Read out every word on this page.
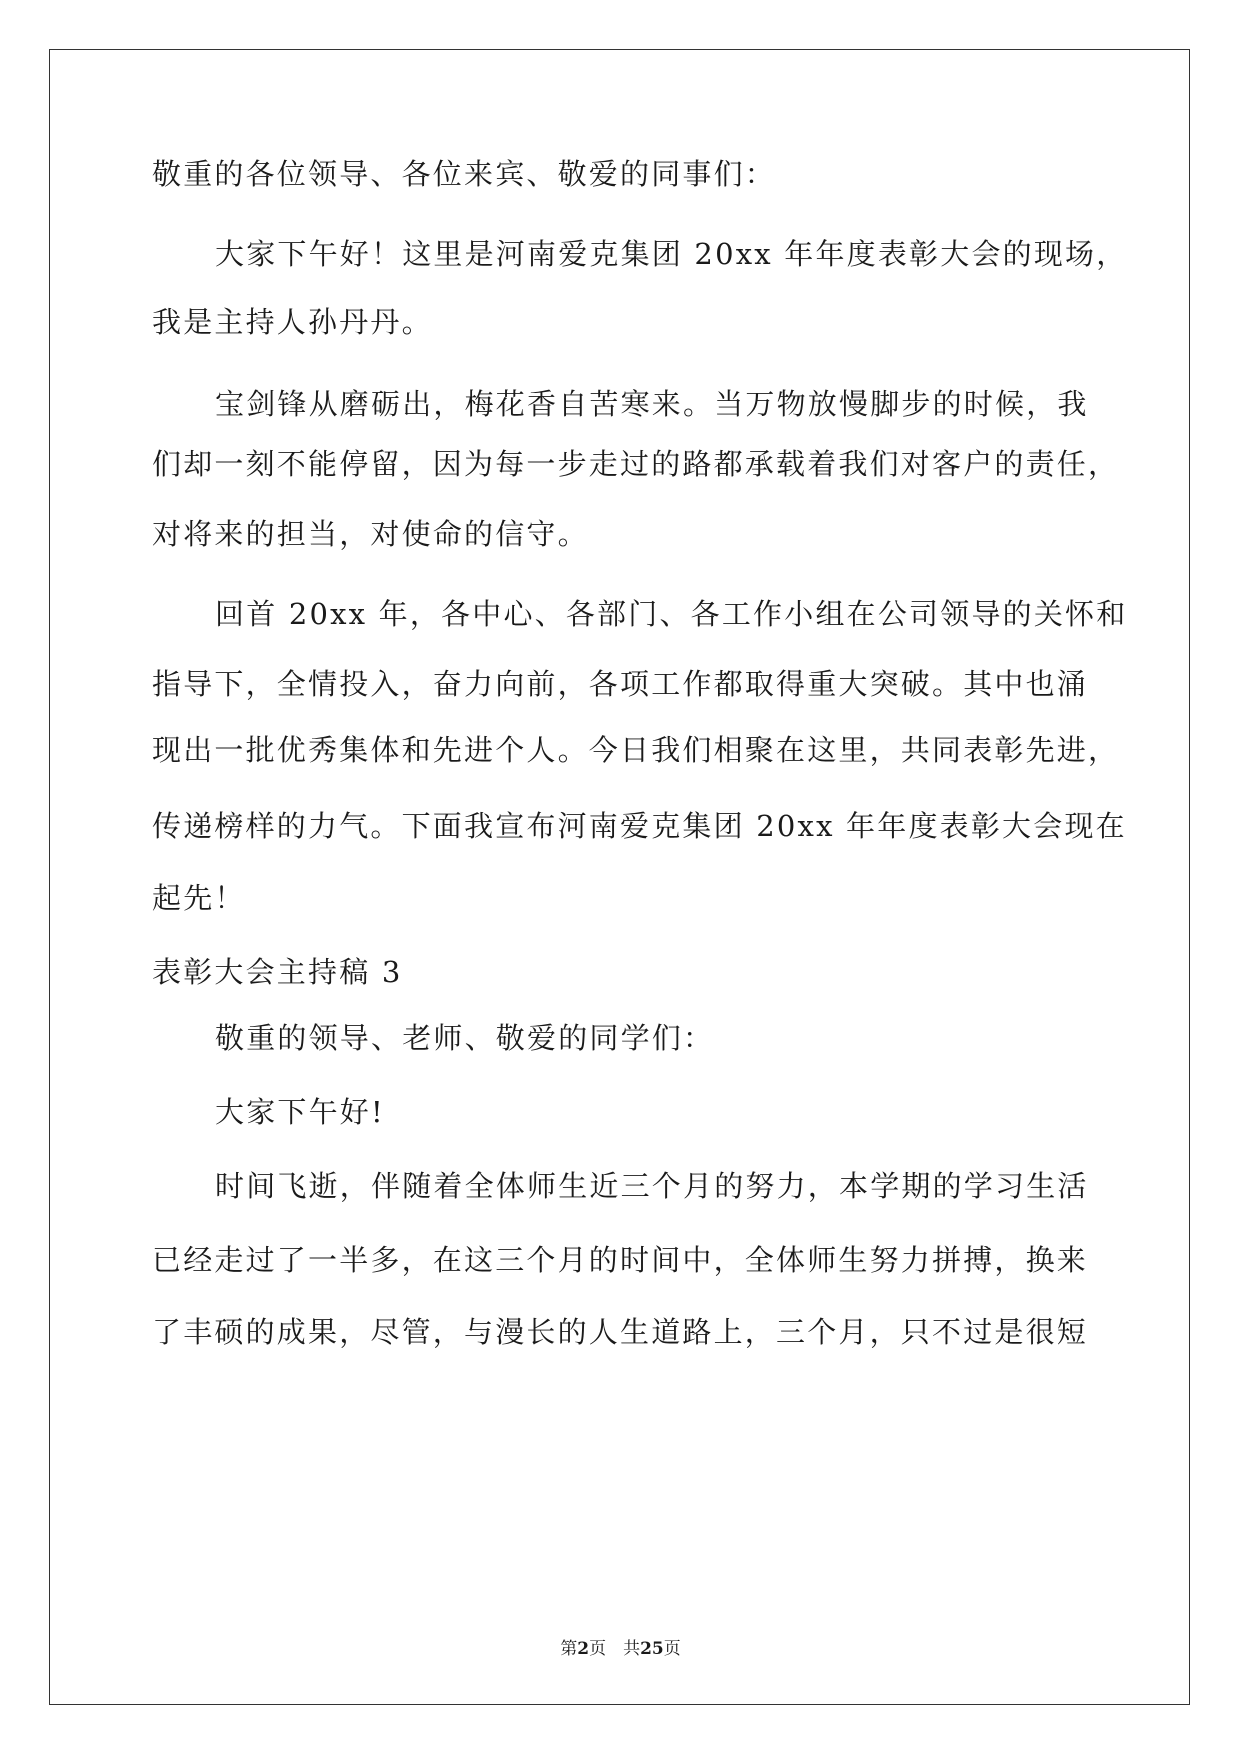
敬重的各位领导、各位来宾、敬爱的同事们：
大家下午好！这里是河南爱克集团 20xx 年年度表彰大会的现场，
我是主持人孙丹丹。
宝剑锋从磨砺出，梅花香自苦寒来。当万物放慢脚步的时候，我
们却一刻不能停留，因为每一步走过的路都承载着我们对客户的责任，
对将来的担当，对使命的信守。
回首 20xx 年，各中心、各部门、各工作小组在公司领导的关怀和
指导下，全情投入，奋力向前，各项工作都取得重大突破。其中也涌
现出一批优秀集体和先进个人。今日我们相聚在这里，共同表彰先进，
传递榜样的力气。下面我宣布河南爱克集团 20xx 年年度表彰大会现在
起先！
表彰大会主持稿 3
敬重的领导、老师、敬爱的同学们：
大家下午好!
时间飞逝，伴随着全体师生近三个月的努力，本学期的学习生活
已经走过了一半多，在这三个月的时间中，全体师生努力拼搏，换来
了丰硕的成果，尽管，与漫长的人生道路上，三个月，只不过是很短
第2页　共25页
